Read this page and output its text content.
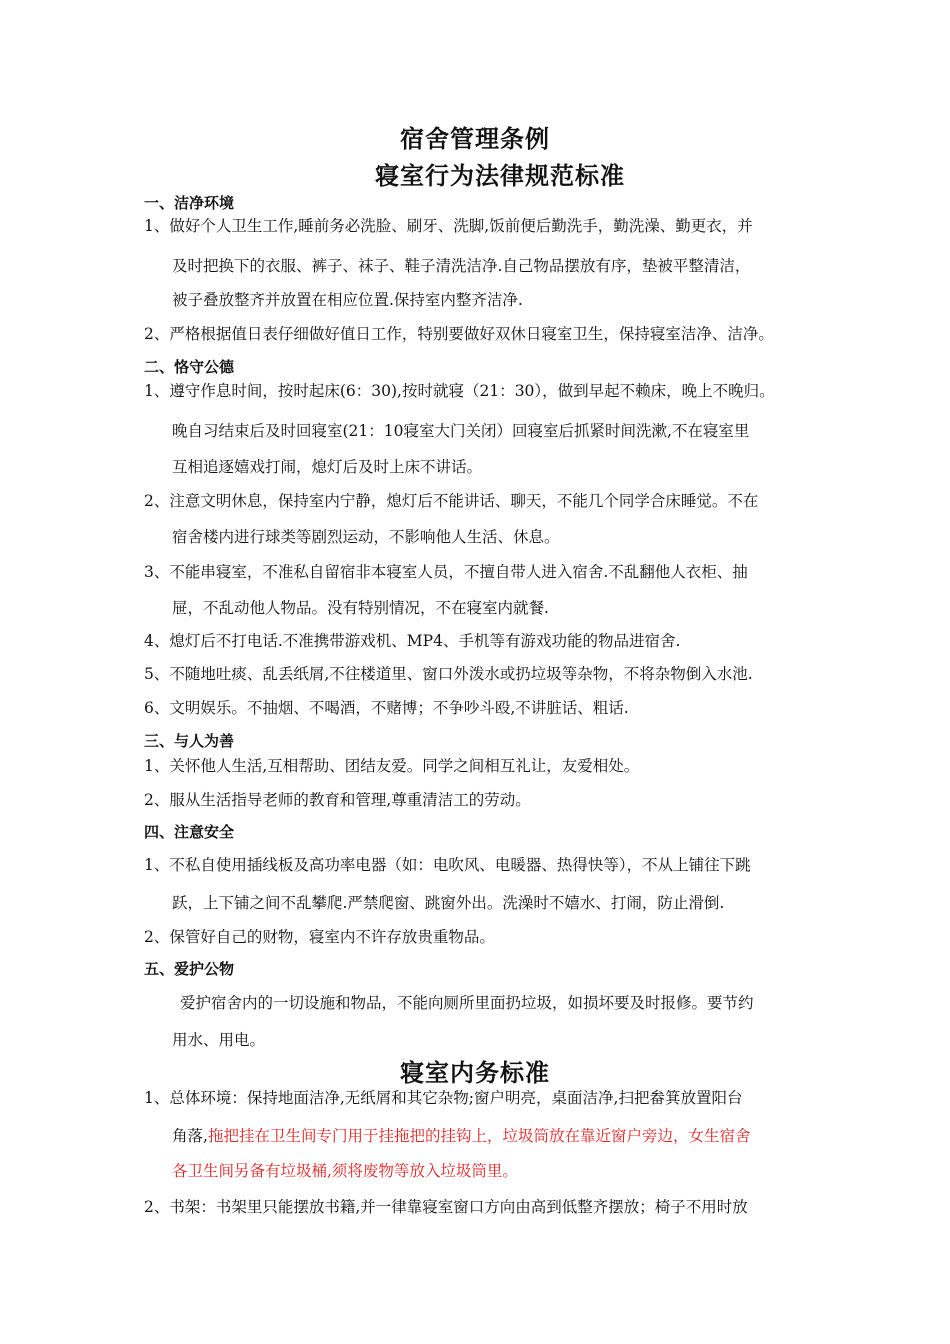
宿舍管理条例
寝室行为法律规范标准
一、洁净环境
1、做好个人卫生工作,睡前务必洗脸、刷牙、洗脚,饭前便后勤洗手，勤洗澡、勤更衣，并
及时把换下的衣服、裤子、袜子、鞋子清洗洁净.自己物品摆放有序，垫被平整清洁，
被子叠放整齐并放置在相应位置.保持室内整齐洁净.
2、严格根据值日表仔细做好值日工作，特别要做好双休日寝室卫生，保持寝室洁净、洁净。
二、恪守公德
1、遵守作息时间，按时起床(6：30),按时就寝（21：30），做到早起不赖床，晚上不晚归。
晚自习结束后及时回寝室(21：10寝室大门关闭）回寝室后抓紧时间洗漱,不在寝室里
互相追逐嬉戏打闹，熄灯后及时上床不讲话。
2、注意文明休息，保持室内宁静，熄灯后不能讲话、聊天，不能几个同学合床睡觉。不在
宿舍楼内进行球类等剧烈运动，不影响他人生活、休息。
3、不能串寝室，不准私自留宿非本寝室人员，不擅自带人进入宿舍.不乱翻他人衣柜、抽
屉，不乱动他人物品。没有特别情况，不在寝室内就餐.
4、熄灯后不打电话.不准携带游戏机、MP4、手机等有游戏功能的物品进宿舍.
5、不随地吐痰、乱丢纸屑,不往楼道里、窗口外泼水或扔垃圾等杂物，不将杂物倒入水池.
6、文明娱乐。不抽烟、不喝酒，不赌博；不争吵斗殴,不讲脏话、粗话.
三、与人为善
1、关怀他人生活,互相帮助、团结友爱。同学之间相互礼让，友爱相处。
2、服从生活指导老师的教育和管理,尊重清洁工的劳动。
四、注意安全
1、不私自使用插线板及高功率电器（如：电吹风、电暖器、热得快等），不从上铺往下跳
跃，上下铺之间不乱攀爬.严禁爬窗、跳窗外出。洗澡时不嬉水、打闹，防止滑倒.
2、保管好自己的财物，寝室内不许存放贵重物品。
五、爱护公物
爱护宿舍内的一切设施和物品，不能向厕所里面扔垃圾，如损坏要及时报修。要节约
用水、用电。
寝室内务标准
1、总体环境：保持地面洁净,无纸屑和其它杂物;窗户明亮，桌面洁净,扫把畚箕放置阳台
角落,拖把挂在卫生间专门用于挂拖把的挂钩上，垃圾筒放在靠近窗户旁边，女生宿舍
各卫生间另备有垃圾桶,须将废物等放入垃圾筒里。
2、书架：书架里只能摆放书籍,并一律靠寝室窗口方向由高到低整齐摆放；椅子不用时放
